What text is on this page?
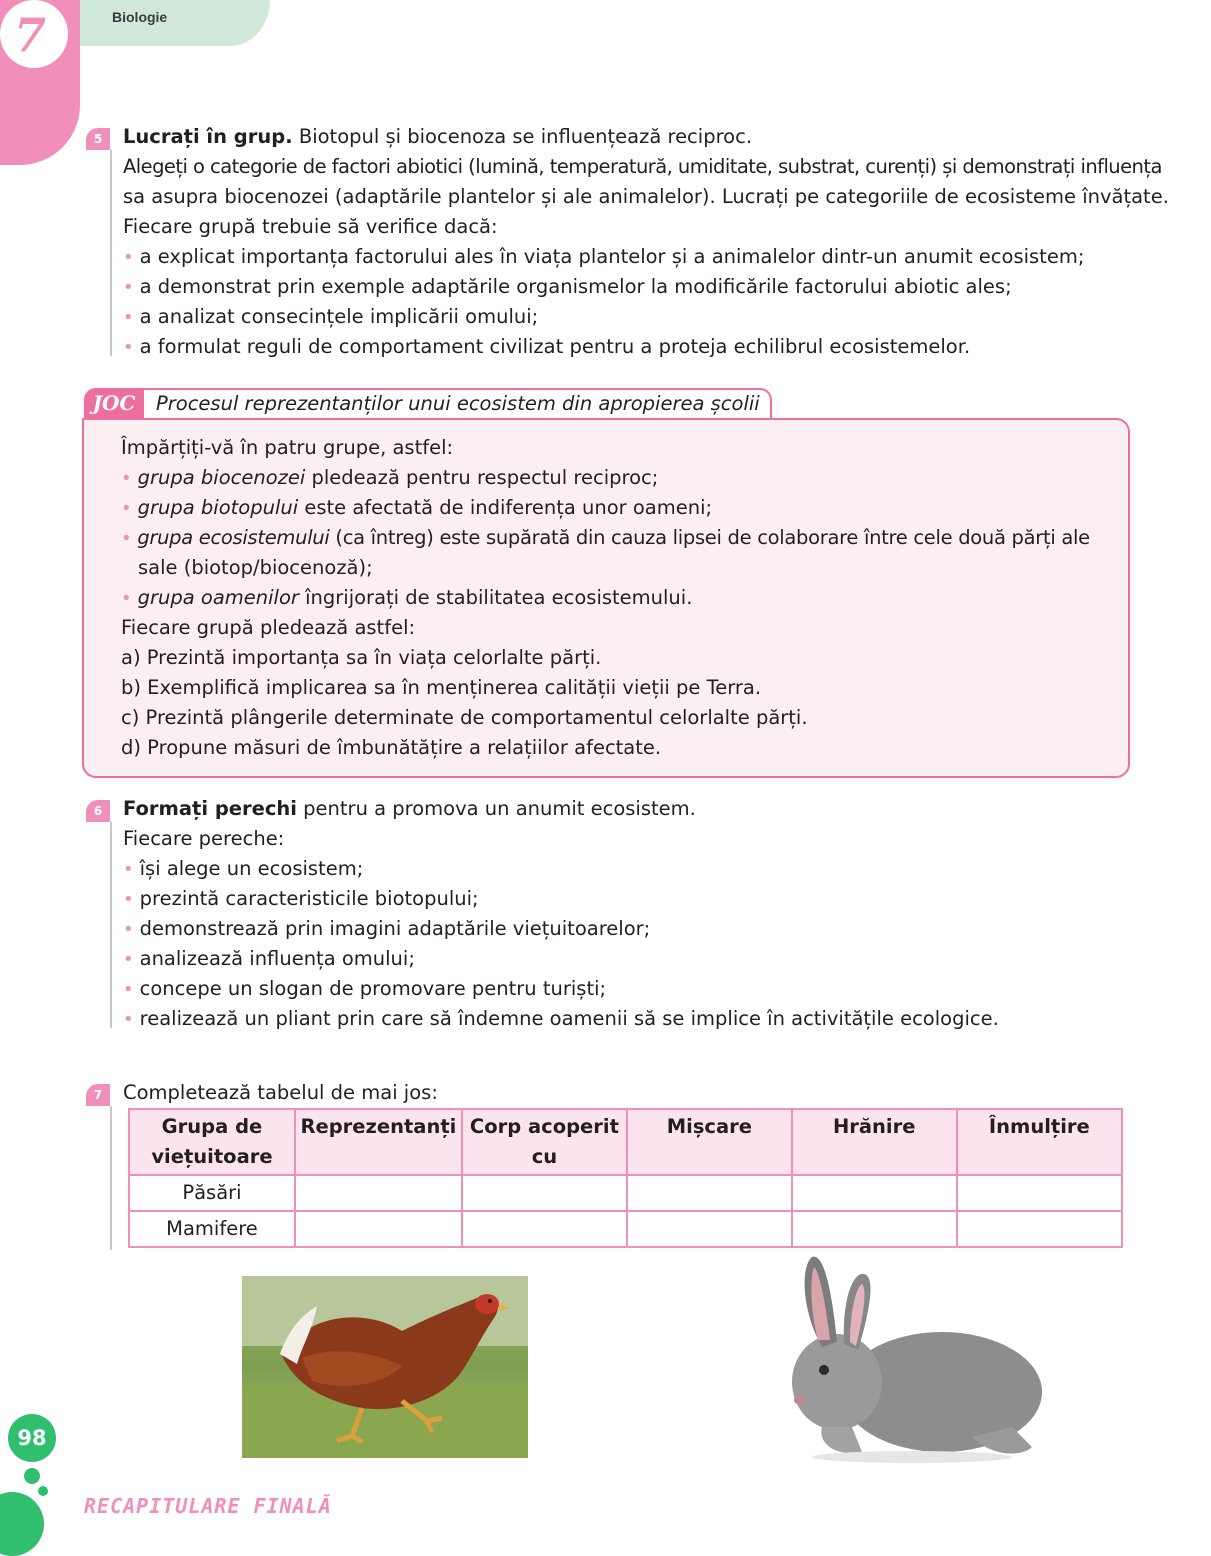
7	Biologie
5	Lucrați în grup. Biotopul și biocenoza se influențează reciproc.
Alegeți o categorie de factori abiotici (lumină, temperatură, umiditate, substrat, curenți) și demonstrați influența
sa asupra biocenozei (adaptările plantelor și ale animalelor). Lucrați pe categoriile de ecosisteme învățate.
Fiecare grupă trebuie să verifice dacă:
• a explicat importanța factorului ales în viața plantelor și a animalelor dintr-un anumit ecosistem;
• a demonstrat prin exemple adaptările organismelor la modificările factorului abiotic ales;
• a analizat consecințele implicării omului;
• a formulat reguli de comportament civilizat pentru a proteja echilibrul ecosistemelor.
JOC	Procesul reprezentanților unui ecosistem din apropierea școlii
Împărțiți-vă în patru grupe, astfel:
• grupa biocenozei pledează pentru respectul reciproc;
• grupa biotopului este afectată de indiferența unor oameni;
• grupa ecosistemului (ca întreg) este supărată din cauza lipsei de colaborare între cele două părți ale
sale (biotop/biocenoză);
• grupa oamenilor îngrijorați de stabilitatea ecosistemului.
Fiecare grupă pledează astfel:
a) Prezintă importanța sa în viața celorlalte părți.
b) Exemplifică implicarea sa în menținerea calității vieții pe Terra.
c) Prezintă plângerile determinate de comportamentul celorlalte părți.
d) Propune măsuri de îmbunătățire a relațiilor afectate.
6	Formați perechi pentru a promova un anumit ecosistem.
Fiecare pereche:
• își alege un ecosistem;
• prezintă caracteristicile biotopului;
• demonstrează prin imagini adaptările viețuitoarelor;
• analizează influența omului;
• concepe un slogan de promovare pentru turiști;
• realizează un pliant prin care să îndemne oamenii să se implice în activitățile ecologice.
7	Completează tabelul de mai jos:
Grupa de viețuitoare	Reprezentanți	Corp acoperit cu	Mișcare	Hrănire	Înmulțire
Păsări					
Mamifere					
98
RECAPITULARE FINALĂ
